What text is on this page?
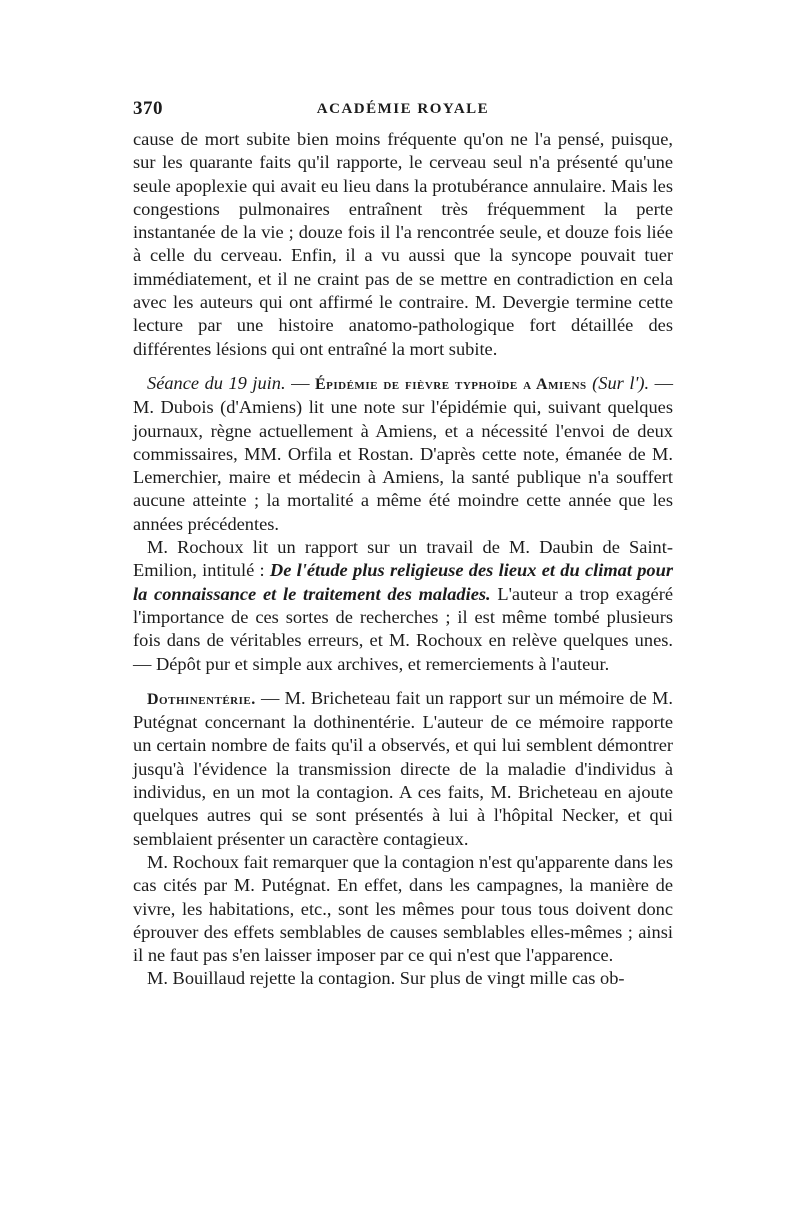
370	ACADÉMIE ROYALE

cause de mort subite bien moins fréquente qu'on ne l'a pensé, puisque, sur les quarante faits qu'il rapporte, le cerveau seul n'a présenté qu'une seule apoplexie qui avait eu lieu dans la protubérance annulaire. Mais les congestions pulmonaires entraînent très fréquemment la perte instantanée de la vie ; douze fois il l'a rencontrée seule, et douze fois liée à celle du cerveau. Enfin, il a vu aussi que la syncope pouvait tuer immédiatement, et il ne craint pas de se mettre en contradiction en cela avec les auteurs qui ont affirmé le contraire. M. Devergie termine cette lecture par une histoire anatomo-pathologique fort détaillée des différentes lésions qui ont entraîné la mort subite.

Séance du 19 juin. — Épidémie de fièvre typhoïde a Amiens (Sur l'). — M. Dubois (d'Amiens) lit une note sur l'épidémie qui, suivant quelques journaux, règne actuellement à Amiens, et a nécessité l'envoi de deux commissaires, MM. Orfila et Rostan. D'après cette note, émanée de M. Lemerchier, maire et médecin à Amiens, la santé publique n'a souffert aucune atteinte ; la mortalité a même été moindre cette année que les années précédentes.

M. Rochoux lit un rapport sur un travail de M. Daubin de Saint-Emilion, intitulé : De l'étude plus religieuse des lieux et du climat pour la connaissance et le traitement des maladies. L'auteur a trop exagéré l'importance de ces sortes de recherches ; il est même tombé plusieurs fois dans de véritables erreurs, et M. Rochoux en relève quelques unes. — Dépôt pur et simple aux archives, et remerciements à l'auteur.

Dothinentérie. — M. Bricheteau fait un rapport sur un mémoire de M. Putégnat concernant la dothinentérie. L'auteur de ce mémoire rapporte un certain nombre de faits qu'il a observés, et qui lui semblent démontrer jusqu'à l'évidence la transmission directe de la maladie d'individus à individus, en un mot la contagion. A ces faits, M. Bricheteau en ajoute quelques autres qui se sont présentés à lui à l'hôpital Necker, et qui semblaient présenter un caractère contagieux.

M. Rochoux fait remarquer que la contagion n'est qu'apparente dans les cas cités par M. Putégnat. En effet, dans les campagnes, la manière de vivre, les habitations, etc., sont les mêmes pour tous tous doivent donc éprouver des effets semblables de causes semblables elles-mêmes ; ainsi il ne faut pas s'en laisser imposer par ce qui n'est que l'apparence.

M. Bouillaud rejette la contagion. Sur plus de vingt mille cas ob-
